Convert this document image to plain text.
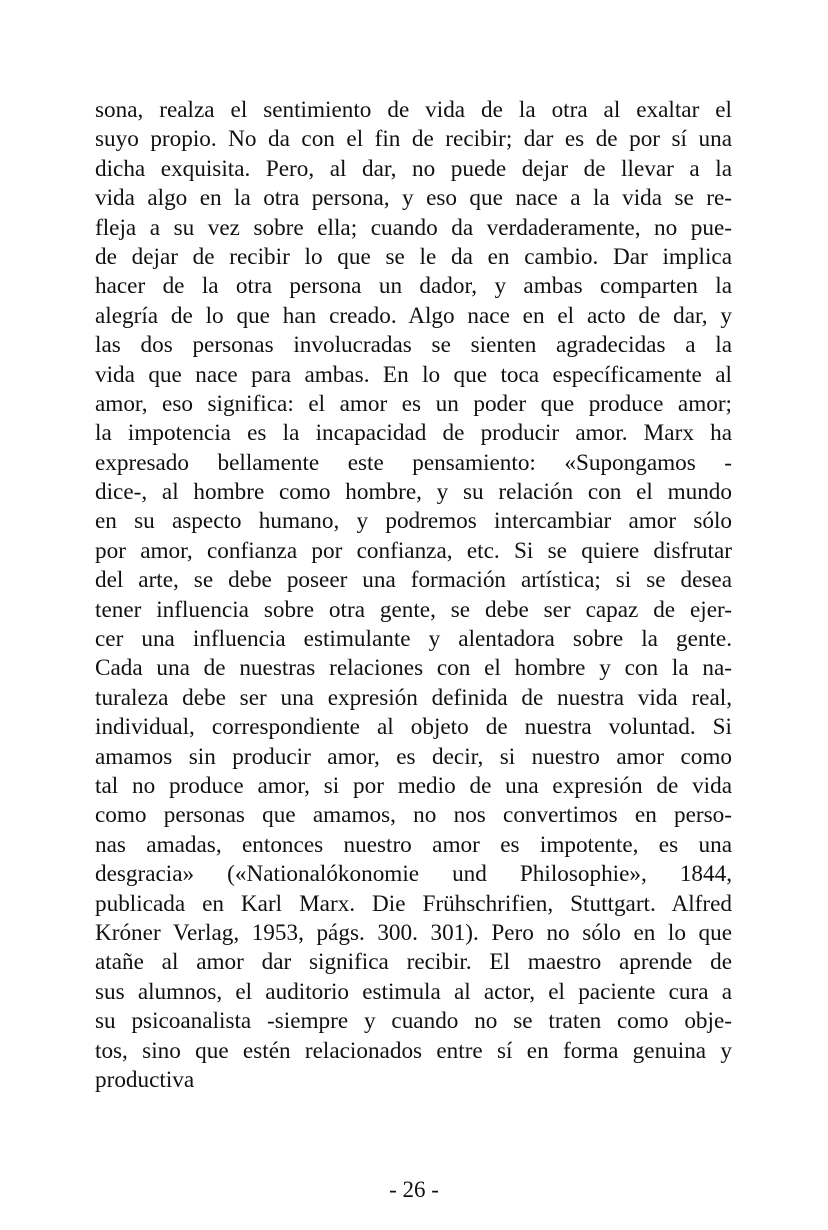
sona, realza el sentimiento de vida de la otra al exaltar el
suyo propio. No da con el fin de recibir; dar es de por sí una
dicha exquisita. Pero, al dar, no puede dejar de llevar a la
vida algo en la otra persona, y eso que nace a la vida se re-
fleja a su vez sobre ella; cuando da verdaderamente, no pue-
de dejar de recibir lo que se le da en cambio. Dar implica
hacer de la otra persona un dador, y ambas comparten la
alegría de lo que han creado. Algo nace en el acto de dar, y
las dos personas involucradas se sienten agradecidas a la
vida que nace para ambas. En lo que toca específicamente al
amor, eso significa: el amor es un poder que produce amor;
la impotencia es la incapacidad de producir amor. Marx ha
expresado bellamente este pensamiento: «Supongamos -
dice-, al hombre como hombre, y su relación con el mundo
en su aspecto humano, y podremos intercambiar amor sólo
por amor, confianza por confianza, etc. Si se quiere disfrutar
del arte, se debe poseer una formación artística; si se desea
tener influencia sobre otra gente, se debe ser capaz de ejer-
cer una influencia estimulante y alentadora sobre la gente.
Cada una de nuestras relaciones con el hombre y con la na-
turaleza debe ser una expresión definida de nuestra vida real,
individual, correspondiente al objeto de nuestra voluntad. Si
amamos sin producir amor, es decir, si nuestro amor como
tal no produce amor, si por medio de una expresión de vida
como personas que amamos, no nos convertimos en perso-
nas amadas, entonces nuestro amor es impotente, es una
desgracia» («Nationalókonomie und Philosophie», 1844,
publicada en Karl Marx. Die Frühschrifien, Stuttgart. Alfred
Króner Verlag, 1953, págs. 300. 301). Pero no sólo en lo que
atañe al amor dar significa recibir. El maestro aprende de
sus alumnos, el auditorio estimula al actor, el paciente cura a
su psicoanalista -siempre y cuando no se traten como obje-
tos, sino que estén relacionados entre sí en forma genuina y
productiva
- 26 -
